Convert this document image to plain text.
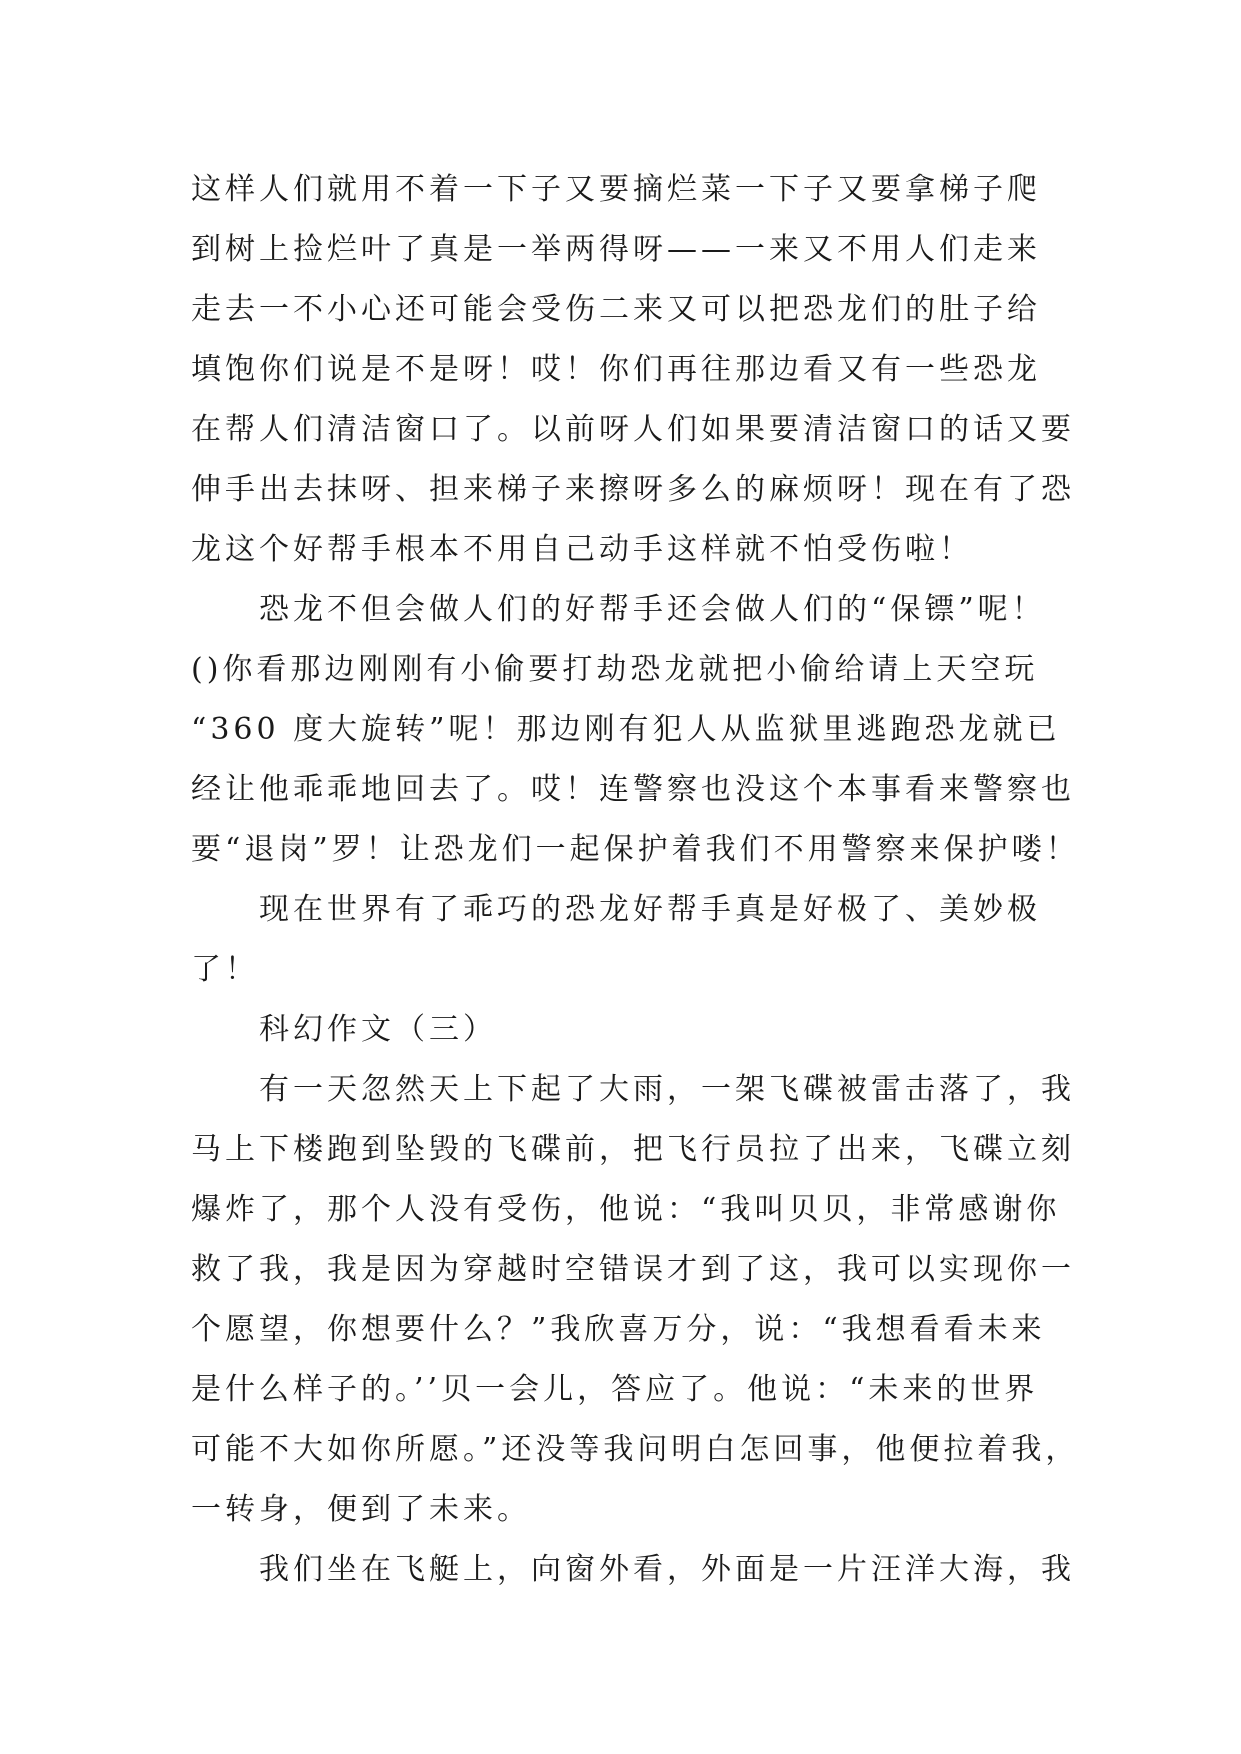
这样人们就用不着一下子又要摘烂菜一下子又要拿梯子爬
到树上捡烂叶了真是一举两得呀——一来又不用人们走来
走去一不小心还可能会受伤二来又可以把恐龙们的肚子给
填饱你们说是不是呀！哎！你们再往那边看又有一些恐龙
在帮人们清洁窗口了。以前呀人们如果要清洁窗口的话又要
伸手出去抹呀、担来梯子来擦呀多么的麻烦呀！现在有了恐
龙这个好帮手根本不用自己动手这样就不怕受伤啦！
恐龙不但会做人们的好帮手还会做人们的“保镖”呢！
()你看那边刚刚有小偷要打劫恐龙就把小偷给请上天空玩
“360 度大旋转”呢！那边刚有犯人从监狱里逃跑恐龙就已
经让他乖乖地回去了。哎！连警察也没这个本事看来警察也
要“退岗”罗！让恐龙们一起保护着我们不用警察来保护喽！
现在世界有了乖巧的恐龙好帮手真是好极了、美妙极
了！
科幻作文（三）
有一天忽然天上下起了大雨，一架飞碟被雷击落了，我
马上下楼跑到坠毁的飞碟前，把飞行员拉了出来，飞碟立刻
爆炸了，那个人没有受伤，他说：“我叫贝贝，非常感谢你
救了我，我是因为穿越时空错误才到了这，我可以实现你一
个愿望，你想要什么？”我欣喜万分，说：“我想看看未来
是什么样子的。’’贝一会儿，答应了。他说：“未来的世界
可能不大如你所愿。”还没等我问明白怎回事，他便拉着我，
一转身，便到了未来。
我们坐在飞艇上，向窗外看，外面是一片汪洋大海，我
